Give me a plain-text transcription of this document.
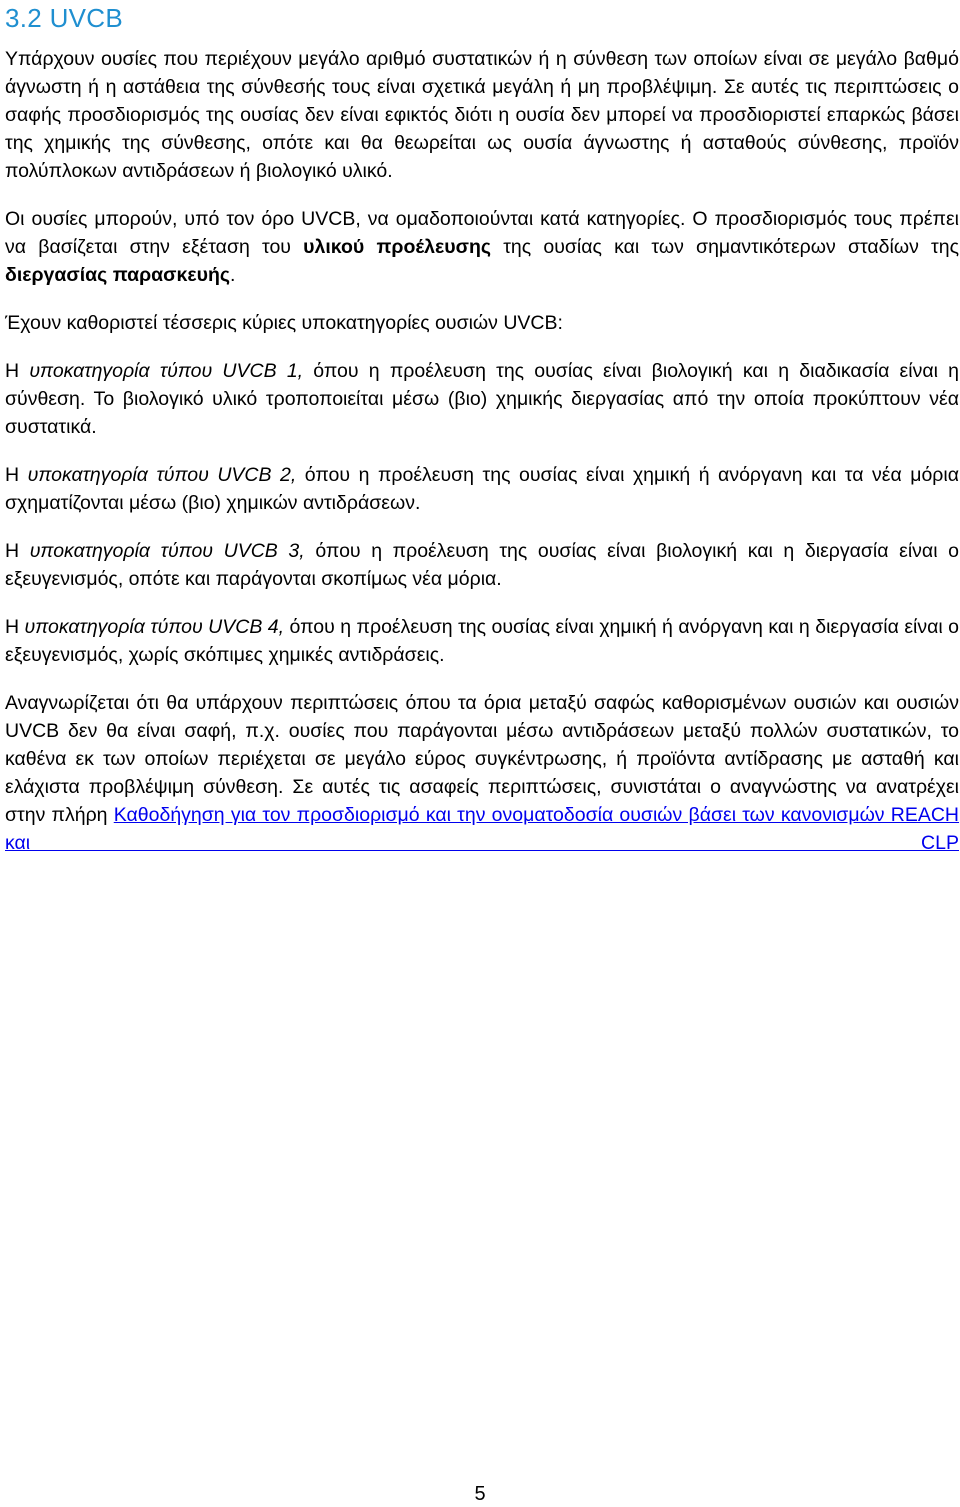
3.2 UVCB

Υπάρχουν ουσίες που περιέχουν μεγάλο αριθμό συστατικών ή η σύνθεση των οποίων είναι σε μεγάλο βαθμό άγνωστη ή η αστάθεια της σύνθεσής τους είναι σχετικά μεγάλη ή μη προβλέψιμη. Σε αυτές τις περιπτώσεις ο σαφής προσδιορισμός της ουσίας δεν είναι εφικτός διότι η ουσία δεν μπορεί να προσδιοριστεί επαρκώς βάσει της χημικής της σύνθεσης, οπότε και θα θεωρείται ως ουσία άγνωστης ή ασταθούς σύνθεσης, προϊόν πολύπλοκων αντιδράσεων ή βιολογικό υλικό.

Οι ουσίες μπορούν, υπό τον όρο UVCB, να ομαδοποιούνται κατά κατηγορίες. Ο προσδιορισμός τους πρέπει να βασίζεται στην εξέταση του υλικού προέλευσης της ουσίας και των σημαντικότερων σταδίων της διεργασίας παρασκευής.

Έχουν καθοριστεί τέσσερις κύριες υποκατηγορίες ουσιών UVCB:

Η υποκατηγορία τύπου UVCB 1, όπου η προέλευση της ουσίας είναι βιολογική και η διαδικασία είναι η σύνθεση. Το βιολογικό υλικό τροποποιείται μέσω (βιο) χημικής διεργασίας από την οποία προκύπτουν νέα συστατικά.

Η υποκατηγορία τύπου UVCB 2, όπου η προέλευση της ουσίας είναι χημική ή ανόργανη και τα νέα μόρια σχηματίζονται μέσω (βιο) χημικών αντιδράσεων.

Η υποκατηγορία τύπου UVCB 3, όπου η προέλευση της ουσίας είναι βιολογική και η διεργασία είναι ο εξευγενισμός, οπότε και παράγονται σκοπίμως νέα μόρια.

Η υποκατηγορία τύπου UVCB 4, όπου η προέλευση της ουσίας είναι χημική ή ανόργανη και η διεργασία είναι ο εξευγενισμός, χωρίς σκόπιμες χημικές αντιδράσεις.

Αναγνωρίζεται ότι θα υπάρχουν περιπτώσεις όπου τα όρια μεταξύ σαφώς καθορισμένων ουσιών και ουσιών UVCB δεν θα είναι σαφή, π.χ. ουσίες που παράγονται μέσω αντιδράσεων μεταξύ πολλών συστατικών, το καθένα εκ των οποίων περιέχεται σε μεγάλο εύρος συγκέντρωσης, ή προϊόντα αντίδρασης με ασταθή και ελάχιστα προβλέψιμη σύνθεση. Σε αυτές τις ασαφείς περιπτώσεις, συνιστάται ο αναγνώστης να ανατρέχει στην πλήρη Καθοδήγηση για τον προσδιορισμό και την ονοματοδοσία ουσιών βάσει των κανονισμών REACH και CLP

5
